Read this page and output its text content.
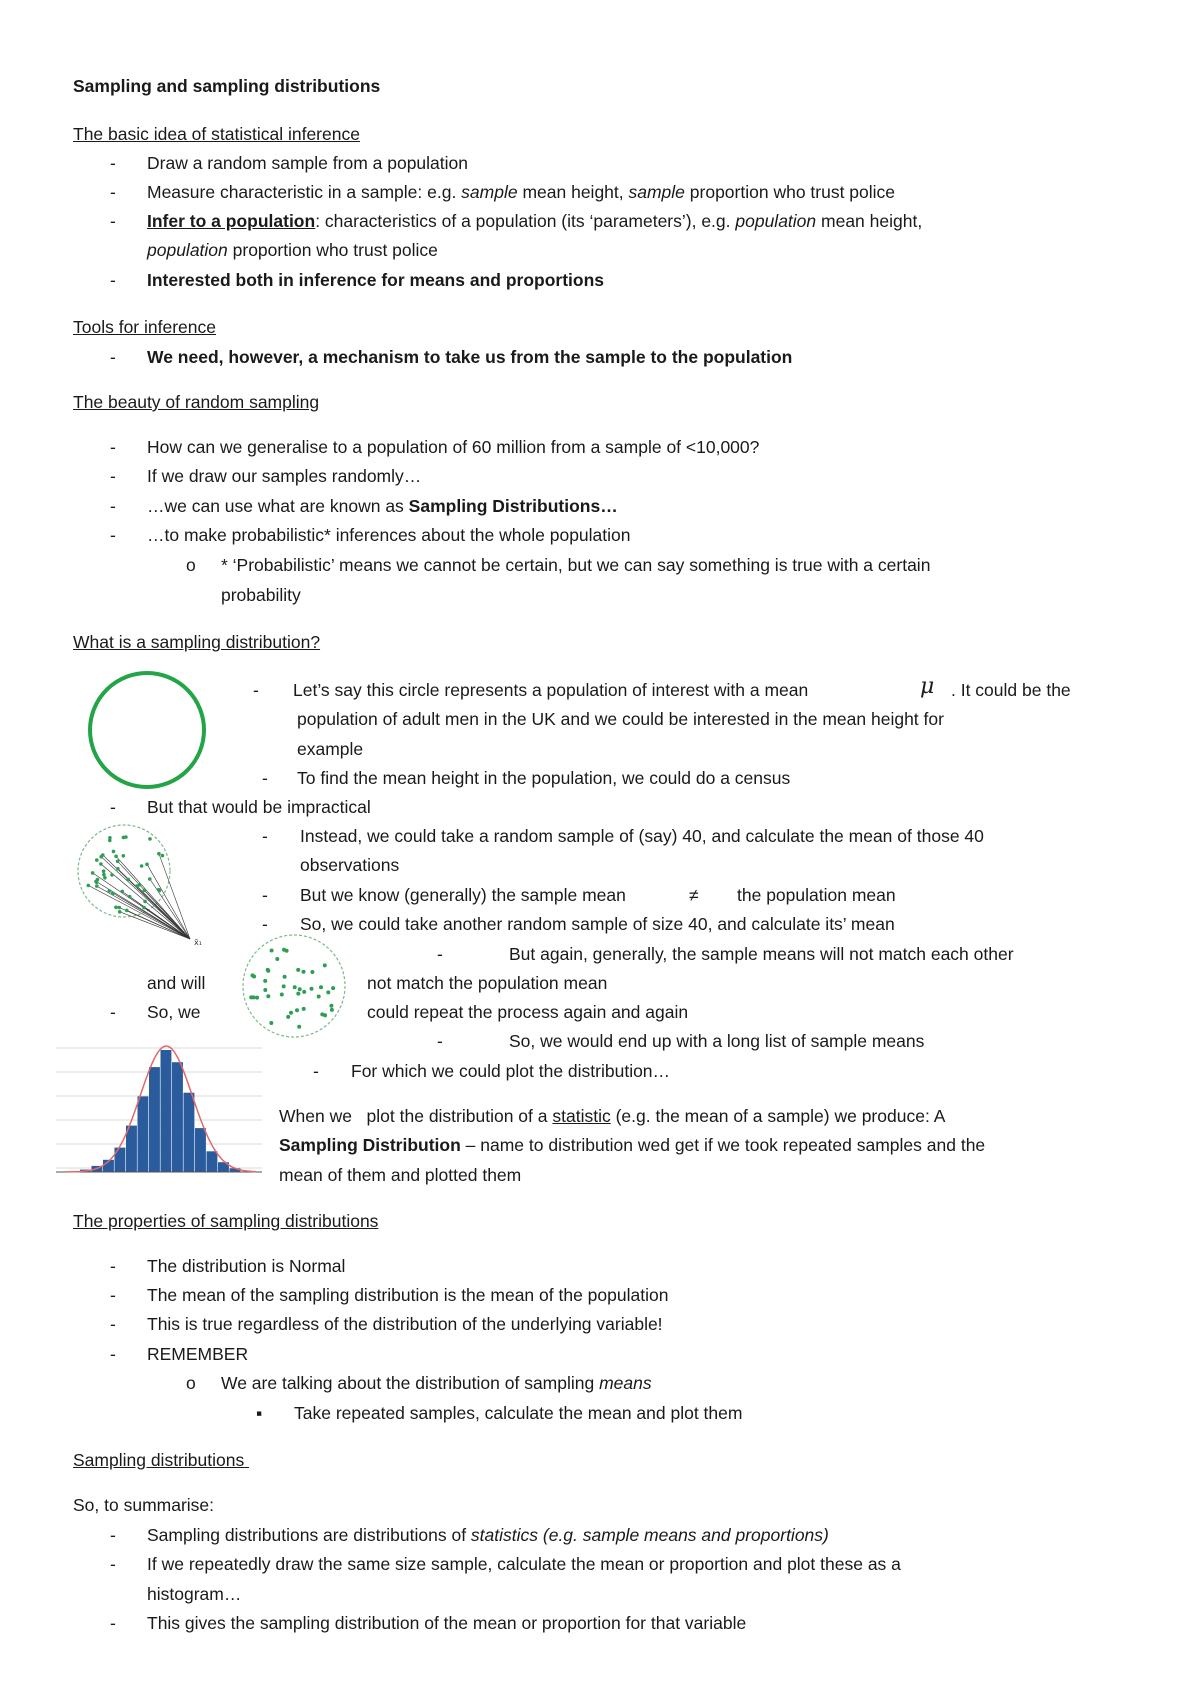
Sampling and sampling distributions
The basic idea of statistical inference
- Draw a random sample from a population
- Measure characteristic in a sample: e.g. sample mean height, sample proportion who trust police
- Infer to a population: characteristics of a population (its ‘parameters’), e.g. population mean height,
population proportion who trust police
- Interested both in inference for means and proportions
Tools for inference
- We need, however, a mechanism to take us from the sample to the population
The beauty of random sampling
- How can we generalise to a population of 60 million from a sample of <10,000?
- If we draw our samples randomly…
- …we can use what are known as Sampling Distributions…
- …to make probabilistic* inferences about the whole population
o * ‘Probabilistic’ means we cannot be certain, but we can say something is true with a certain
probability
What is a sampling distribution?
- Let’s say this circle represents a population of interest with a mean	μ . It could be the
population of adult men in the UK and we could be interested in the mean height for
example
- To find the mean height in the population, we could do a census
- But that would be impractical
x̄₁
- Instead, we could take a random sample of (say) 40, and calculate the mean of those 40
observations
- But we know (generally) the sample mean	≠ the population mean
- So, we could take another random sample of size 40, and calculate its’ mean
-	But again, generally, the sample means will not match each other
and will	not match the population mean
- So, we	could repeat the process again and again
-	So, we would end up with a long list of sample means
- For which we could plot the distribution…
When we plot the distribution of a statistic (e.g. the mean of a sample) we produce: A
Sampling Distribution – name to distribution wed get if we took repeated samples and the
mean of them and plotted them
The properties of sampling distributions
- The distribution is Normal
- The mean of the sampling distribution is the mean of the population
- This is true regardless of the distribution of the underlying variable!
- REMEMBER
o We are talking about the distribution of sampling means
▪ Take repeated samples, calculate the mean and plot them
Sampling distributions
So, to summarise:
- Sampling distributions are distributions of statistics (e.g. sample means and proportions)
- If we repeatedly draw the same size sample, calculate the mean or proportion and plot these as a
histogram…
- This gives the sampling distribution of the mean or proportion for that variable
